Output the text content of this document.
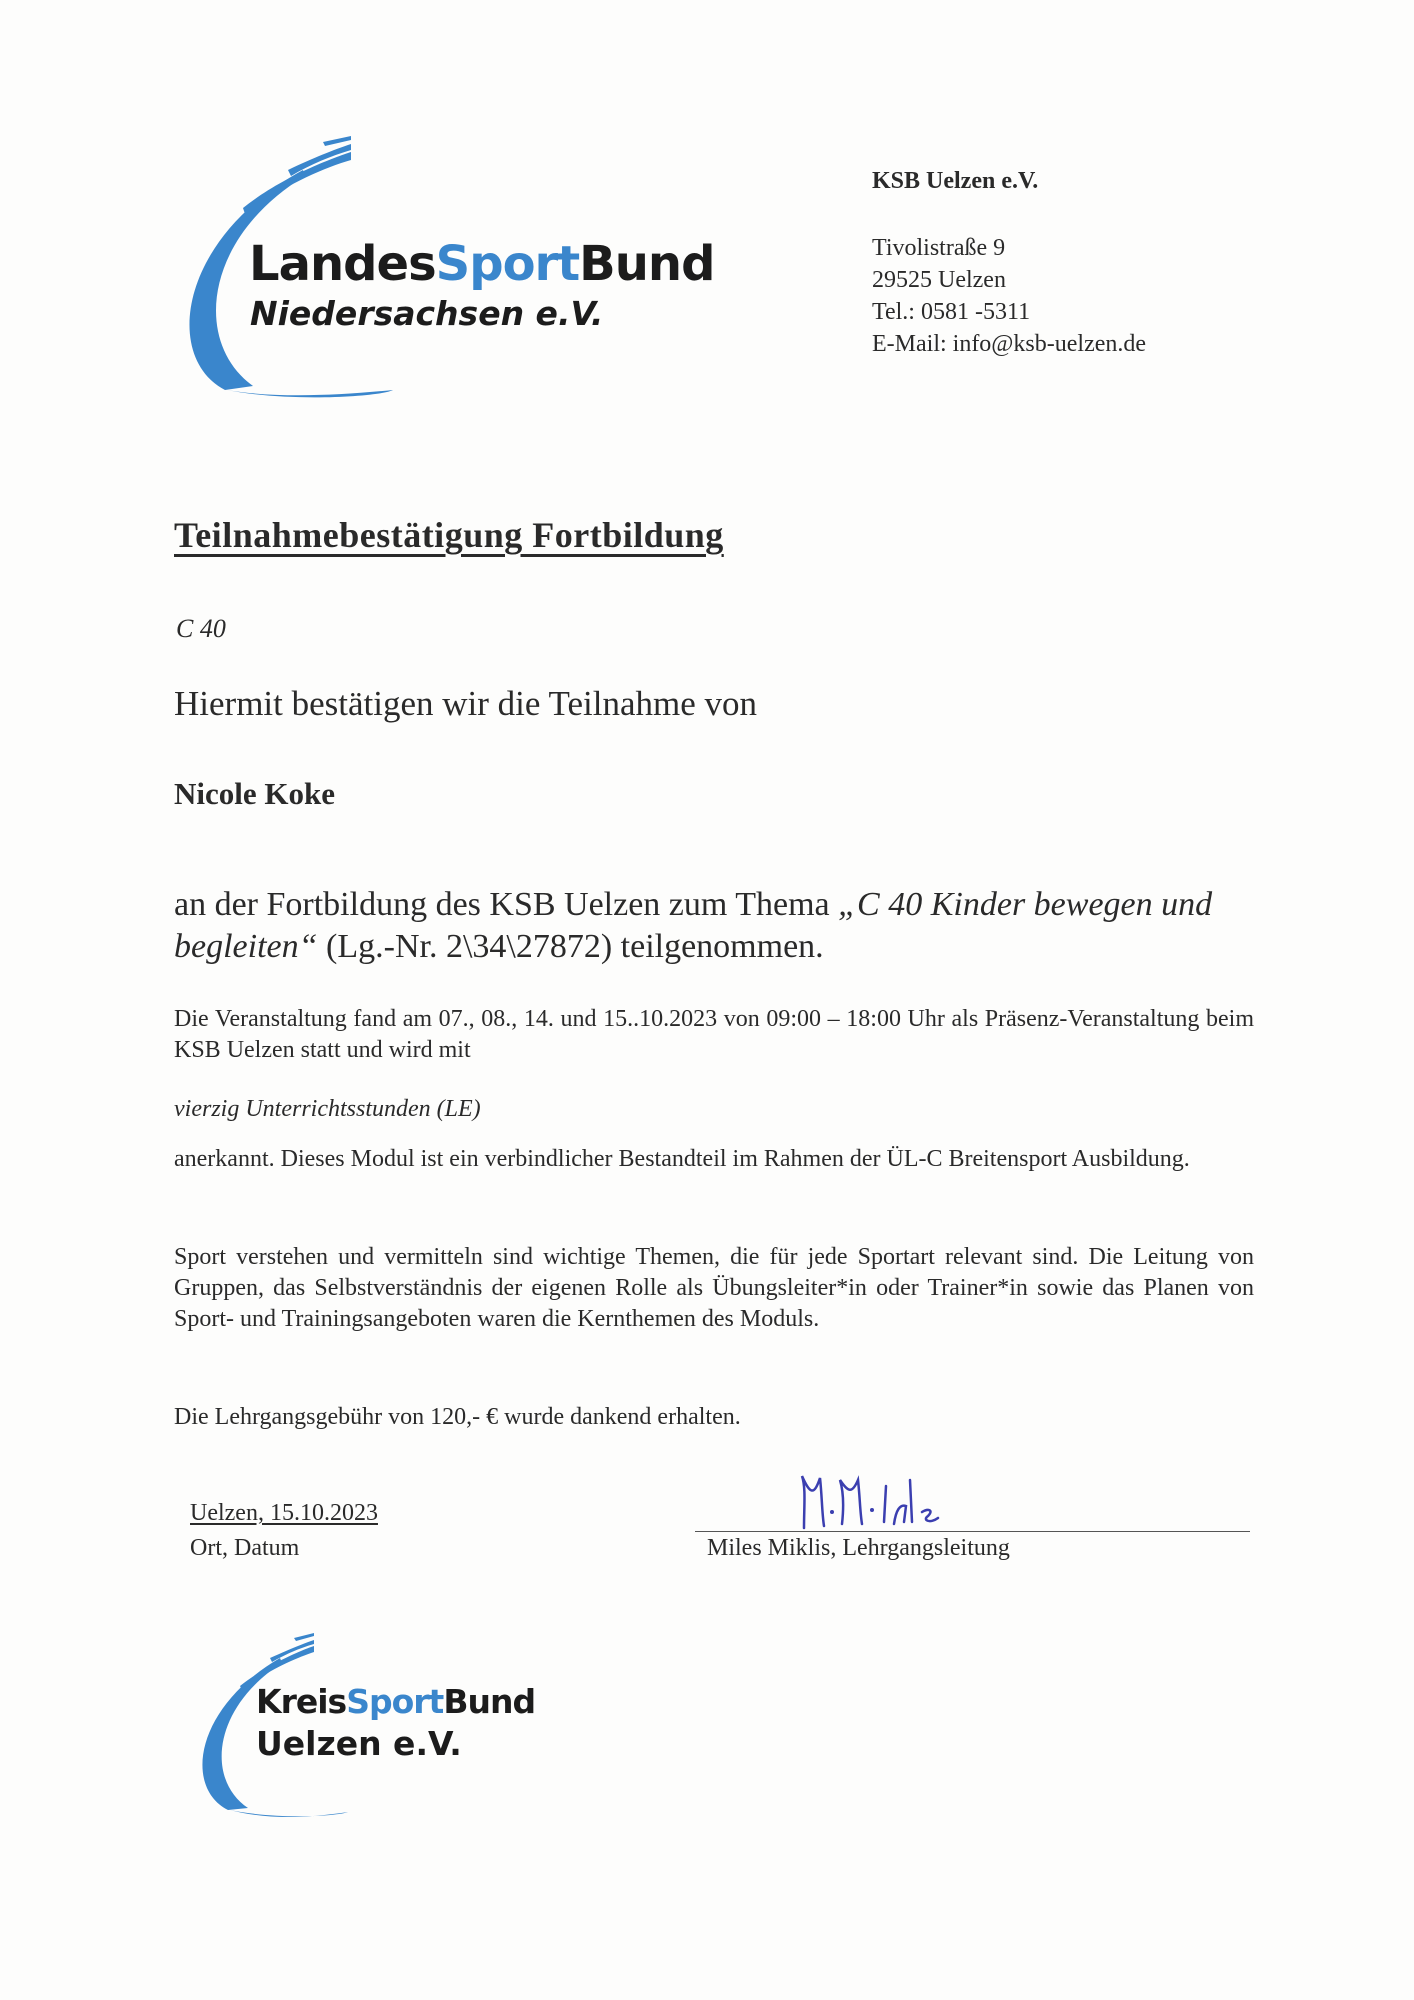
LandesSportBund
Niedersachsen e.V.
KSB Uelzen e.V.
Tivolistraße 9
29525 Uelzen
Tel.: 0581 -5311
E-Mail: info@ksb-uelzen.de
Teilnahmebestätigung Fortbildung
C 40
Hiermit bestätigen wir die Teilnahme von
Nicole Koke
an der Fortbildung des KSB Uelzen zum Thema „C 40 Kinder bewegen und begleiten“ (Lg.-Nr. 2\34\27872) teilgenommen.
Die Veranstaltung fand am 07., 08., 14. und 15..10.2023 von 09:00 – 18:00 Uhr als Präsenz-Veranstaltung beim KSB Uelzen statt und wird mit
vierzig Unterrichtsstunden (LE)
anerkannt. Dieses Modul ist ein verbindlicher Bestandteil im Rahmen der ÜL-C Breitensport Ausbildung.
Sport verstehen und vermitteln sind wichtige Themen, die für jede Sportart relevant sind. Die Leitung von Gruppen, das Selbstverständnis der eigenen Rolle als Übungsleiter*in oder Trainer*in sowie das Planen von Sport- und Trainingsangeboten waren die Kernthemen des Moduls.
Die Lehrgangsgebühr von 120,- € wurde dankend erhalten.
Uelzen, 15.10.2023
Ort, Datum	Miles Miklis, Lehrgangsleitung
KreisSportBund
Uelzen e.V.
